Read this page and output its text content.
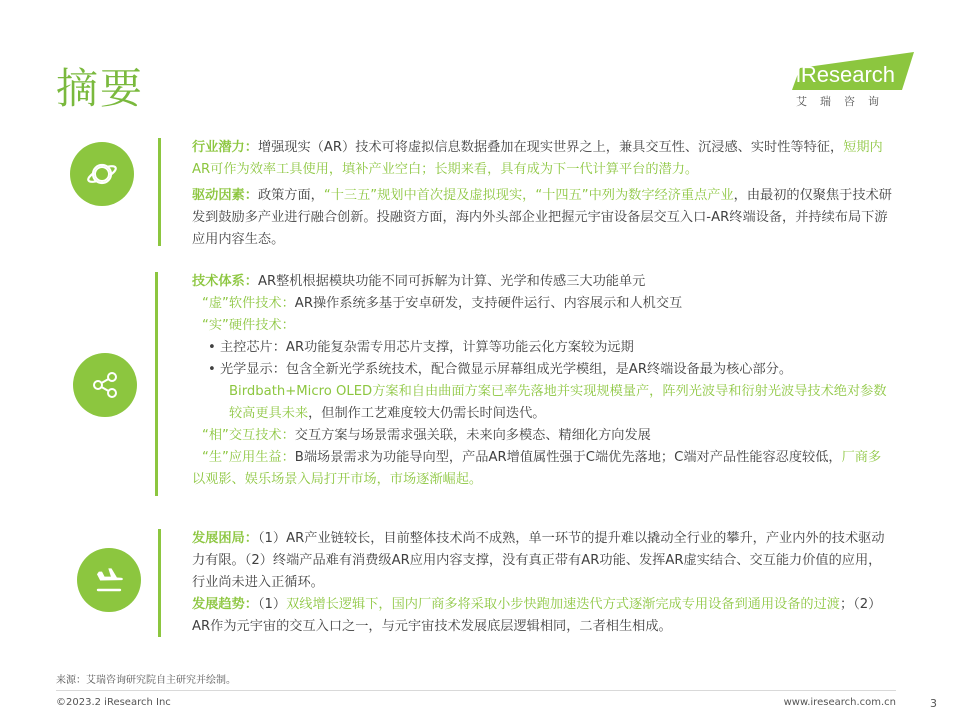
摘要	iResearch
艾瑞咨询

行业潜力：增强现实（AR）技术可将虚拟信息数据叠加在现实世界之上，兼具交互性、沉浸感、实时性等特征，短期内AR可作为效率工具使用，填补产业空白；长期来看，具有成为下一代计算平台的潜力。

驱动因素：政策方面，“十三五”规划中首次提及虚拟现实，“十四五”中列为数字经济重点产业，由最初的仅聚焦于技术研发到鼓励多产业进行融合创新。投融资方面，海内外头部企业把握元宇宙设备层交互入口-AR终端设备，并持续布局下游应用内容生态。

技术体系：AR整机根据模块功能不同可拆解为计算、光学和传感三大功能单元

“虚”软件技术：AR操作系统多基于安卓研发，支持硬件运行、内容展示和人机交互

“实”硬件技术：

• 主控芯片：AR功能复杂需专用芯片支撑，计算等功能云化方案较为远期

• 光学显示：包含全新光学系统技术，配合微显示屏幕组成光学模组，是AR终端设备最为核心部分。

Birdbath+Micro OLED方案和自由曲面方案已率先落地并实现规模量产，阵列光波导和衍射光波导技术绝对参数较高更具未来，但制作工艺难度较大仍需长时间迭代。

“相”交互技术：交互方案与场景需求强关联，未来向多模态、精细化方向发展

“生”应用生益：B端场景需求为功能导向型，产品AR增值属性强于C端优先落地；C端对产品性能容忍度较低，厂商多以观影、娱乐场景入局打开市场，市场逐渐崛起。

发展困局：（1）AR产业链较长，目前整体技术尚不成熟，单一环节的提升难以撬动全行业的攀升，产业内外的技术驱动力有限。（2）终端产品难有消费级AR应用内容支撑，没有真正带有AR功能、发挥AR虚实结合、交互能力价值的应用，行业尚未进入正循环。

发展趋势：（1）双线增长逻辑下，国内厂商多将采取小步快跑加速迭代方式逐渐完成专用设备到通用设备的过渡；（2）AR作为元宇宙的交互入口之一，与元宇宙技术发展底层逻辑相同，二者相生相成。

来源：艾瑞咨询研究院自主研究并绘制。
©2023.2 iResearch Inc	www.iresearch.com.cn	3
